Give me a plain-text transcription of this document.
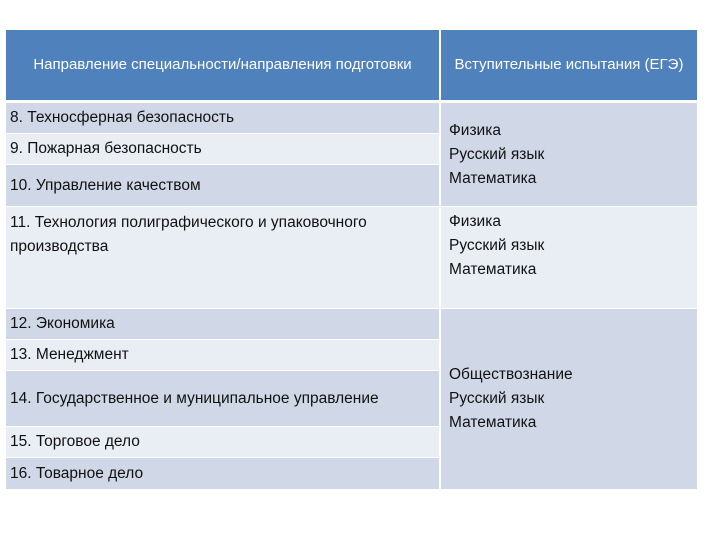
Направление специальности/направления подготовки	Вступительные испытания (ЕГЭ)
8. Техносферная безопасность
9. Пожарная безопасность
10. Управление качеством
Физика
Русский язык
Математика
11. Технология полиграфического и упаковочного производства
Физика
Русский язык
Математика
12. Экономика
13. Менеджмент
14. Государственное и муниципальное управление
15. Торговое дело
16. Товарное дело
Обществознание
Русский язык
Математика
